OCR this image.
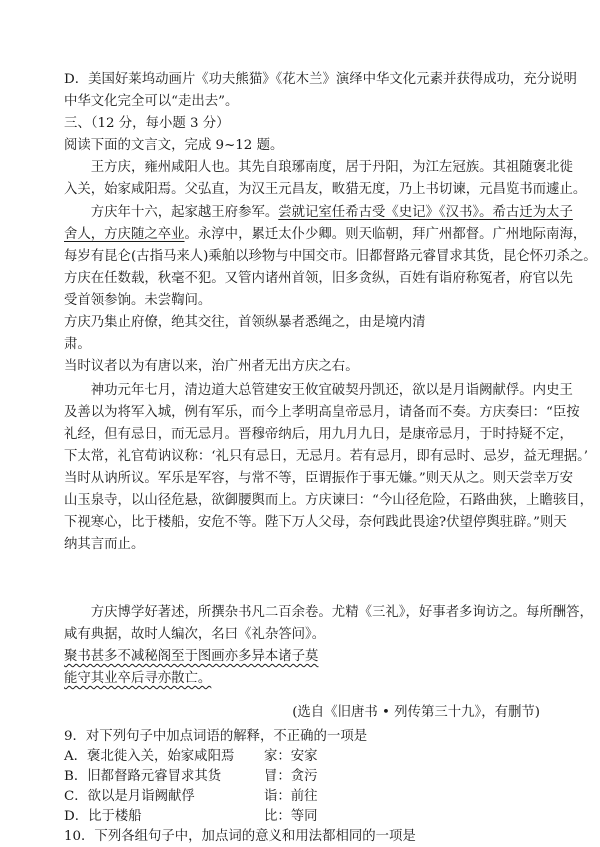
D．美国好莱坞动画片《功夫熊猫》《花木兰》演绎中华文化元素并获得成功，充分说明
中华文化完全可以“走出去”。
三、（12 分，每小题 3 分）
阅读下面的文言文，完成 9~12 题。
　　王方庆，雍州咸阳人也。其先自琅琊南度，居于丹阳，为江左冠族。其祖随褒北徙
入关，始家咸阳焉。父弘直，为汉王元昌友，畋猎无度，乃上书切谏，元昌览书而遽止。
　　方庆年十六，起家越王府参军。尝就记室任希古受《史记》《汉书》。希古迁为太子
舍人，方庆随之卒业。永淳中，累迁太仆少卿。则天临朝，拜广州都督。广州地际南海，
每岁有昆仑(古指马来人)乘舶以珍物与中国交市。旧都督路元睿冒求其货，昆仑怀刃杀之。
方庆在任数载，秋毫不犯。又管内诸州首领，旧多贪纵，百姓有诣府称冤者，府官以先
受首领参饷。未尝鞫问。
方庆乃集止府僚，绝其交往，首领纵暴者悉绳之，由是境内清
肃。
当时议者以为有唐以来，治广州者无出方庆之右。
　　神功元年七月，清边道大总管建安王攸宜破契丹凯还，欲以是月诣阙献俘。内史王
及善以为将军入城，例有军乐，而今上孝明高皇帝忌月，请备而不奏。方庆奏曰：“臣按
礼经，但有忌日，而无忌月。晋穆帝纳后，用九月九日，是康帝忌月，于时持疑不定，
下太常，礼官荀讷议称：‘礼只有忌日，无忌月。若有忌月，即有忌时、忌岁，益无理据。’
当时从讷所议。军乐是军容，与常不等，臣谓振作于事无嫌。”则天从之。则天尝幸万安
山玉泉寺，以山径危悬，欲御腰舆而上。方庆谏曰：“今山径危险，石路曲狭，上瞻骇目，
下视寒心，比于楼船，安危不等。陛下万人父母，奈何践此畏途?伏望停舆驻辟。”则天
纳其言而止。
　　方庆博学好著述，所撰杂书凡二百余卷。尤精《三礼》，好事者多询访之。每所酬答，
咸有典据，故时人编次，名曰《礼杂答问》。
聚书甚多不减秘阁至于图画亦多异本诸子莫
能守其业卒后寻亦散亡。
(选自《旧唐书 • 列传第三十九》，有删节)
9．对下列句子中加点词语的解释，不正确的一项是
A．褒北徙入关，始家咸阳焉 家：安家
B．旧都督路元睿冒求其货	冒：贪污
C．欲以是月诣阙献俘	诣：前往
D．比于楼船	比：等同
10．下列各组句子中，加点词的意义和用法都相同的一项是
